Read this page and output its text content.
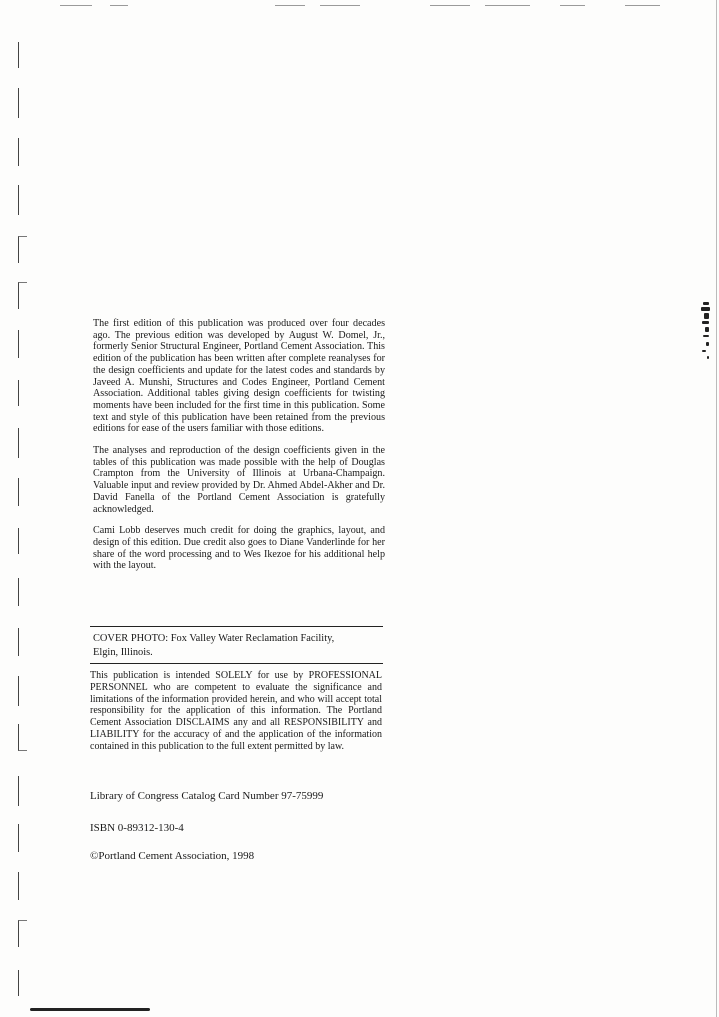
The first edition of this publication was produced over four decades ago. The previous edition was developed by August W. Domel, Jr., formerly Senior Structural Engineer, Portland Cement Association. This edition of the publication has been written after complete reanalyses for the design coefficients and update for the latest codes and standards by Javeed A. Munshi, Structures and Codes Engineer, Portland Cement Association. Additional tables giving design coefficients for twisting moments have been included for the first time in this publication. Some text and style of this publication have been retained from the previous editions for ease of the users familiar with those editions.

The analyses and reproduction of the design coefficients given in the tables of this publication was made possible with the help of Douglas Crampton from the University of Illinois at Urbana-Champaign. Valuable input and review provided by Dr. Ahmed Abdel-Akher and Dr. David Fanella of the Portland Cement Association is gratefully acknowledged.

Cami Lobb deserves much credit for doing the graphics, layout, and design of this edition. Due credit also goes to Diane Vanderlinde for her share of the word processing and to Wes Ikezoe for his additional help with the layout.

COVER PHOTO: Fox Valley Water Reclamation Facility,
Elgin, Illinois.
This publication is intended SOLELY for use by PROFESSIONAL PERSONNEL who are competent to evaluate the significance and limitations of the information provided herein, and who will accept total responsibility for the application of this information. The Portland Cement Association DISCLAIMS any and all RESPONSIBILITY and LIABILITY for the accuracy of and the application of the information contained in this publication to the full extent permitted by law.
Library of Congress Catalog Card Number 97-75999
ISBN 0-89312-130-4
©Portland Cement Association, 1998
